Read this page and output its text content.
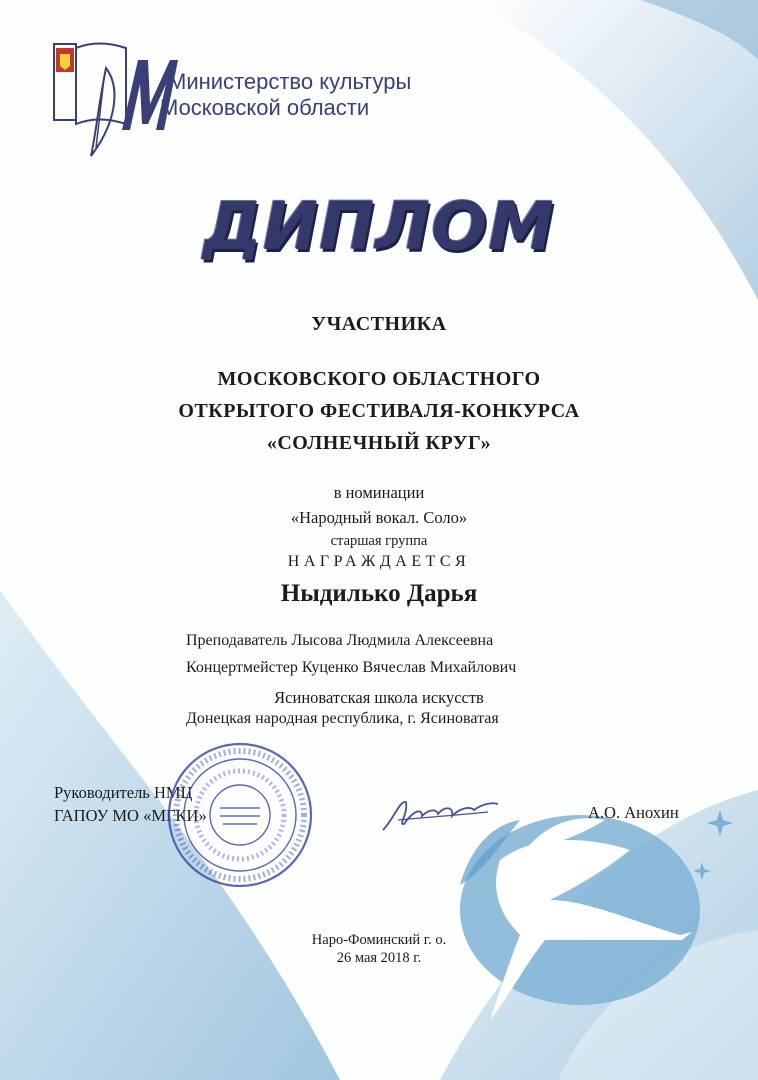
Министерство культуры
Московской области
ДИПЛОМ
УЧАСТНИКА
МОСКОВСКОГО ОБЛАСТНОГО
ОТКРЫТОГО ФЕСТИВАЛЯ-КОНКУРСА
«СОЛНЕЧНЫЙ КРУГ»
в номинации
«Народный вокал. Соло»
старшая группа
НАГРАЖДАЕТСЯ
Ныдилько Дарья
Преподаватель Лысова Людмила Алексеевна
Концертмейстер Куценко Вячеслав Михайлович
Ясиноватская школа искусств
Донецкая народная республика, г. Ясиноватая
Руководитель НМЦ
ГАПОУ МО «МГКИ»	А.О. Анохин
Наро-Фоминский г. о.
26 мая 2018 г.
